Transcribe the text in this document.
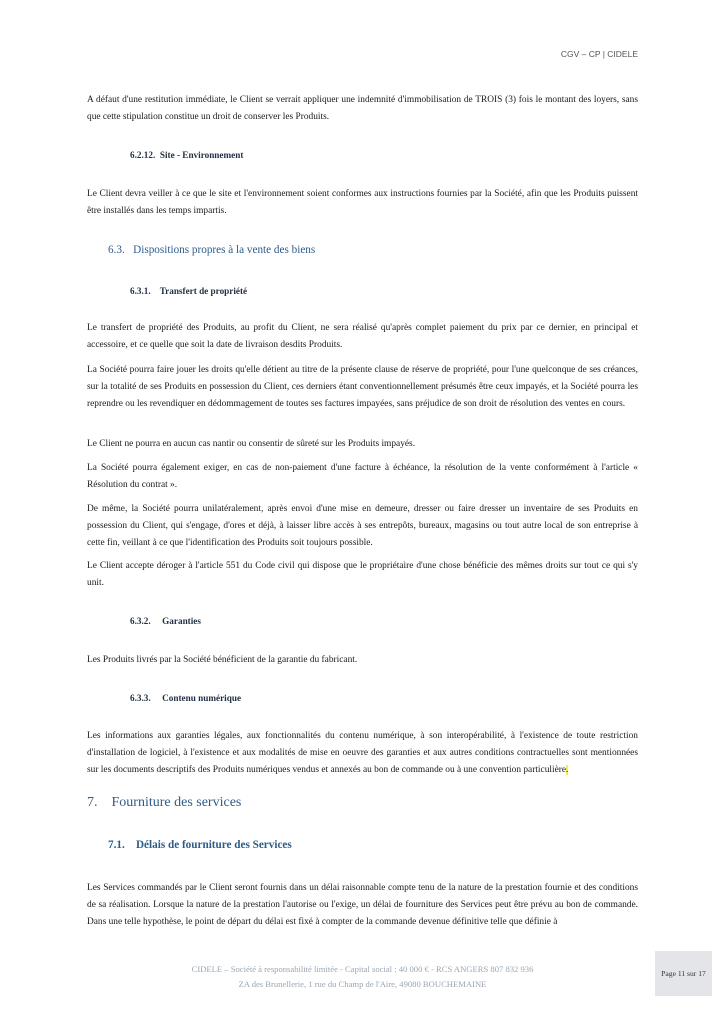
CGV – CP | CIDELE

A défaut d'une restitution immédiate, le Client se verrait appliquer une indemnité d'immobilisation de TROIS (3) fois le montant des loyers, sans que cette stipulation constitue un droit de conserver les Produits.

6.2.12. Site - Environnement

Le Client devra veiller à ce que le site et l'environnement soient conformes aux instructions fournies par la Société, afin que les Produits puissent être installés dans les temps impartis.

6.3. Dispositions propres à la vente des biens
6.3.1. Transfert de propriété

Le transfert de propriété des Produits, au profit du Client, ne sera réalisé qu'après complet paiement du prix par ce dernier, en principal et accessoire, et ce quelle que soit la date de livraison desdits Produits.

La Société pourra faire jouer les droits qu'elle détient au titre de la présente clause de réserve de propriété, pour l'une quelconque de ses créances, sur la totalité de ses Produits en possession du Client, ces derniers étant conventionnellement présumés être ceux impayés, et la Société pourra les reprendre ou les revendiquer en dédommagement de toutes ses factures impayées, sans préjudice de son droit de résolution des ventes en cours.

Le Client ne pourra en aucun cas nantir ou consentir de sûreté sur les Produits impayés.

La Société pourra également exiger, en cas de non-paiement d'une facture à échéance, la résolution de la vente conformément à l'article « Résolution du contrat ».

De même, la Société pourra unilatéralement, après envoi d'une mise en demeure, dresser ou faire dresser un inventaire de ses Produits en possession du Client, qui s'engage, d'ores et déjà, à laisser libre accès à ses entrepôts, bureaux, magasins ou tout autre local de son entreprise à cette fin, veillant à ce que l'identification des Produits soit toujours possible.

Le Client accepte déroger à l'article 551 du Code civil qui dispose que le propriétaire d'une chose bénéficie des mêmes droits sur tout ce qui s'y unit.

6.3.2. Garanties

Les Produits livrés par la Société bénéficient de la garantie du fabricant.

6.3.3. Contenu numérique

Les informations aux garanties légales, aux fonctionnalités du contenu numérique, à son interopérabilité, à l'existence de toute restriction d'installation de logiciel, à l'existence et aux modalités de mise en oeuvre des garanties et aux autres conditions contractuelles sont mentionnées sur les documents descriptifs des Produits numériques vendus et annexés au bon de commande ou à une convention particulière.

7. Fourniture des services
7.1. Délais de fourniture des Services

Les Services commandés par le Client seront fournis dans un délai raisonnable compte tenu de la nature de la prestation fournie et des conditions de sa réalisation. Lorsque la nature de la prestation l'autorise ou l'exige, un délai de fourniture des Services peut être prévu au bon de commande. Dans une telle hypothèse, le point de départ du délai est fixé à compter de la commande devenue définitive telle que définie à

CIDELE – Société à responsabilité limitée - Capital social : 40 000 € - RCS ANGERS 807 832 936
ZA des Brunellerie, 1 rue du Champ de l'Aire, 49080 BOUCHEMAINE
Page 11 sur 17
